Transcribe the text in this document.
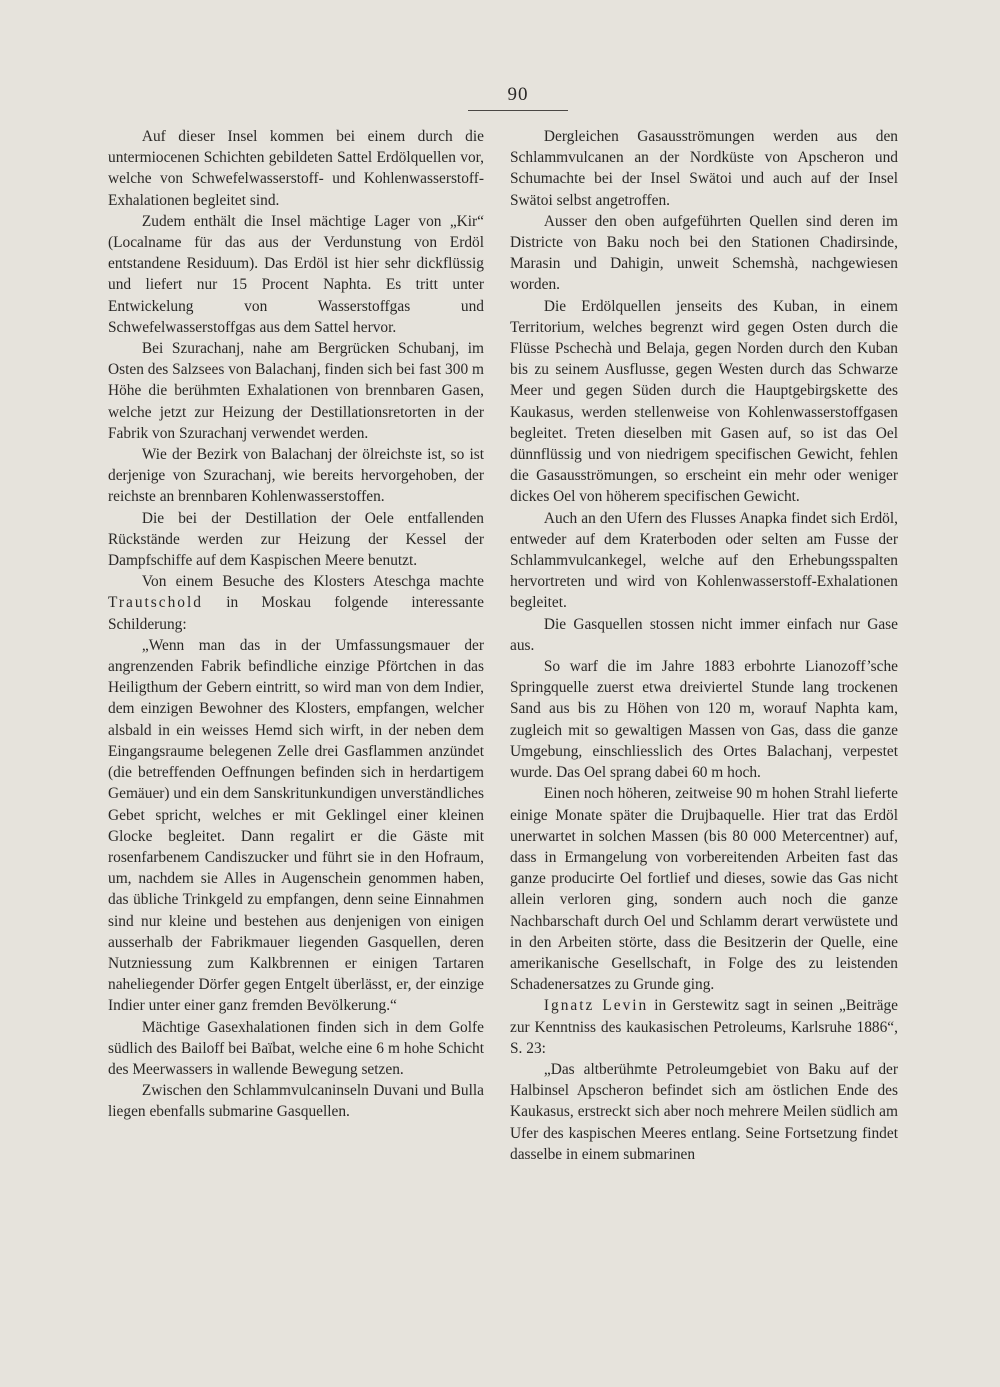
90

Auf dieser Insel kommen bei einem durch die untermiocenen Schichten gebildeten Sattel Erdölquellen vor, welche von Schwefelwasserstoff- und Kohlenwasserstoff-Exhalationen begleitet sind.

Zudem enthält die Insel mächtige Lager von „Kir“ (Localname für das aus der Verdunstung von Erdöl entstandene Residuum). Das Erdöl ist hier sehr dickflüssig und liefert nur 15 Procent Naphta. Es tritt unter Entwickelung von Wasserstoffgas und Schwefelwasserstoffgas aus dem Sattel hervor.

Bei Szurachanj, nahe am Bergrücken Schubanj, im Osten des Salzsees von Balachanj, finden sich bei fast 300 m Höhe die berühmten Exhalationen von brennbaren Gasen, welche jetzt zur Heizung der Destillationsretorten in der Fabrik von Szurachanj verwendet werden.

Wie der Bezirk von Balachanj der ölreichste ist, so ist derjenige von Szurachanj, wie bereits hervorgehoben, der reichste an brennbaren Kohlenwasserstoffen.

Die bei der Destillation der Oele entfallenden Rückstände werden zur Heizung der Kessel der Dampfschiffe auf dem Kaspischen Meere benutzt.

Von einem Besuche des Klosters Ateschga machte Trautschold in Moskau folgende interessante Schilderung:

„Wenn man das in der Umfassungsmauer der angrenzenden Fabrik befindliche einzige Pförtchen in das Heiligthum der Gebern eintritt, so wird man von dem Indier, dem einzigen Bewohner des Klosters, empfangen, welcher alsbald in ein weisses Hemd sich wirft, in der neben dem Eingangsraume belegenen Zelle drei Gasflammen anzündet (die betreffenden Oeffnungen befinden sich in herdartigem Gemäuer) und ein dem Sanskritunkundigen unverständliches Gebet spricht, welches er mit Geklingel einer kleinen Glocke begleitet. Dann regalirt er die Gäste mit rosenfarbenem Candiszucker und führt sie in den Hofraum, um, nachdem sie Alles in Augenschein genommen haben, das übliche Trinkgeld zu empfangen, denn seine Einnahmen sind nur kleine und bestehen aus denjenigen von einigen ausserhalb der Fabrikmauer liegenden Gasquellen, deren Nutzniessung zum Kalkbrennen er einigen Tartaren naheliegender Dörfer gegen Entgelt überlässt, er, der einzige Indier unter einer ganz fremden Bevölkerung.“

Mächtige Gasexhalationen finden sich in dem Golfe südlich des Bailoff bei Baïbat, welche eine 6 m hohe Schicht des Meerwassers in wallende Bewegung setzen.

Zwischen den Schlammvulcaninseln Duvani und Bulla liegen ebenfalls submarine Gasquellen.

Dergleichen Gasausströmungen werden aus den Schlammvulcanen an der Nordküste von Apscheron und Schumachte bei der Insel Swätoi und auch auf der Insel Swätoi selbst angetroffen.

Ausser den oben aufgeführten Quellen sind deren im Districte von Baku noch bei den Stationen Chadirsinde, Marasin und Dahigin, unweit Schemshà, nachgewiesen worden.

Die Erdölquellen jenseits des Kuban, in einem Territorium, welches begrenzt wird gegen Osten durch die Flüsse Pschechà und Belaja, gegen Norden durch den Kuban bis zu seinem Ausflusse, gegen Westen durch das Schwarze Meer und gegen Süden durch die Hauptgebirgskette des Kaukasus, werden stellenweise von Kohlenwasserstoffgasen begleitet. Treten dieselben mit Gasen auf, so ist das Oel dünnflüssig und von niedrigem specifischen Gewicht, fehlen die Gasausströmungen, so erscheint ein mehr oder weniger dickes Oel von höherem specifischen Gewicht.

Auch an den Ufern des Flusses Anapka findet sich Erdöl, entweder auf dem Kraterboden oder selten am Fusse der Schlammvulcankegel, welche auf den Erhebungsspalten hervortreten und wird von Kohlenwasserstoff-Exhalationen begleitet.

Die Gasquellen stossen nicht immer einfach nur Gase aus.

So warf die im Jahre 1883 erbohrte Lianozoff’sche Springquelle zuerst etwa dreiviertel Stunde lang trockenen Sand aus bis zu Höhen von 120 m, worauf Naphta kam, zugleich mit so gewaltigen Massen von Gas, dass die ganze Umgebung, einschliesslich des Ortes Balachanj, verpestet wurde. Das Oel sprang dabei 60 m hoch.

Einen noch höheren, zeitweise 90 m hohen Strahl lieferte einige Monate später die Drujbaquelle. Hier trat das Erdöl unerwartet in solchen Massen (bis 80 000 Metercentner) auf, dass in Ermangelung von vorbereitenden Arbeiten fast das ganze producirte Oel fortlief und dieses, sowie das Gas nicht allein verloren ging, sondern auch noch die ganze Nachbarschaft durch Oel und Schlamm derart verwüstete und in den Arbeiten störte, dass die Besitzerin der Quelle, eine amerikanische Gesellschaft, in Folge des zu leistenden Schadenersatzes zu Grunde ging.

Ignatz Levin in Gerstewitz sagt in seinen „Beiträge zur Kenntniss des kaukasischen Petroleums, Karlsruhe 1886“, S. 23:

„Das altberühmte Petroleumgebiet von Baku auf der Halbinsel Apscheron befindet sich am östlichen Ende des Kaukasus, erstreckt sich aber noch mehrere Meilen südlich am Ufer des kaspischen Meeres entlang. Seine Fortsetzung findet dasselbe in einem submarinen
